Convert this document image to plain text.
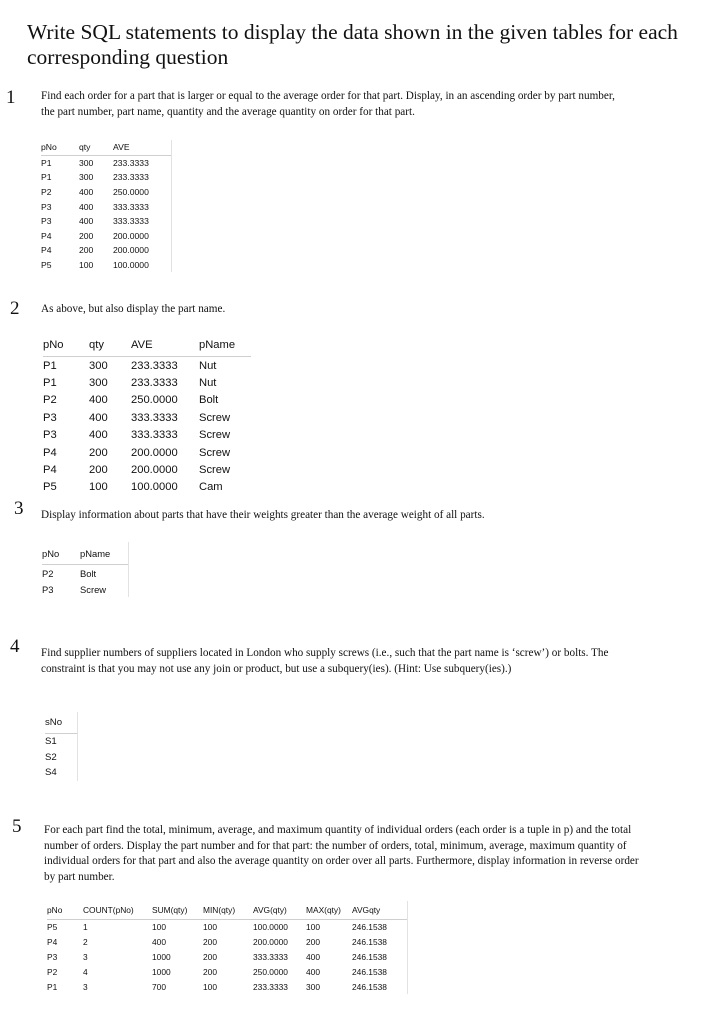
Write SQL statements to display the data shown in the given tables for each corresponding question
1 Find each order for a part that is larger or equal to the average order for that part. Display, in an ascending order by part number, the part number, part name, quantity and the average quantity on order for that part.
pNo	qty	AVE
P1	300	233.3333
P1	300	233.3333
P2	400	250.0000
P3	400	333.3333
P3	400	333.3333
P4	200	200.0000
P4	200	200.0000
P5	100	100.0000
2 As above, but also display the part name.
pNo	qty	AVE	pName
P1	300	233.3333	Nut
P1	300	233.3333	Nut
P2	400	250.0000	Bolt
P3	400	333.3333	Screw
P3	400	333.3333	Screw
P4	200	200.0000	Screw
P4	200	200.0000	Screw
P5	100	100.0000	Cam
3 Display information about parts that have their weights greater than the average weight of all parts.
pNo	pName
P2	Bolt
P3	Screw
4 Find supplier numbers of suppliers located in London who supply screws (i.e., such that the part name is ‘screw’) or bolts. The constraint is that you may not use any join or product, but use a subquery(ies). (Hint: Use subquery(ies).)
sNo
S1
S2
S4
5 For each part find the total, minimum, average, and maximum quantity of individual orders (each order is a tuple in p) and the total number of orders. Display the part number and for that part: the number of orders, total, minimum, average, maximum quantity of individual orders for that part and also the average quantity on order over all parts. Furthermore, display information in reverse order by part number.
pNo	COUNT(pNo)	SUM(qty)	MIN(qty)	AVG(qty)	MAX(qty)	AVGqty
P5	1	100	100	100.0000	100	246.1538
P4	2	400	200	200.0000	200	246.1538
P3	3	1000	200	333.3333	400	246.1538
P2	4	1000	200	250.0000	400	246.1538
P1	3	700	100	233.3333	300	246.1538
